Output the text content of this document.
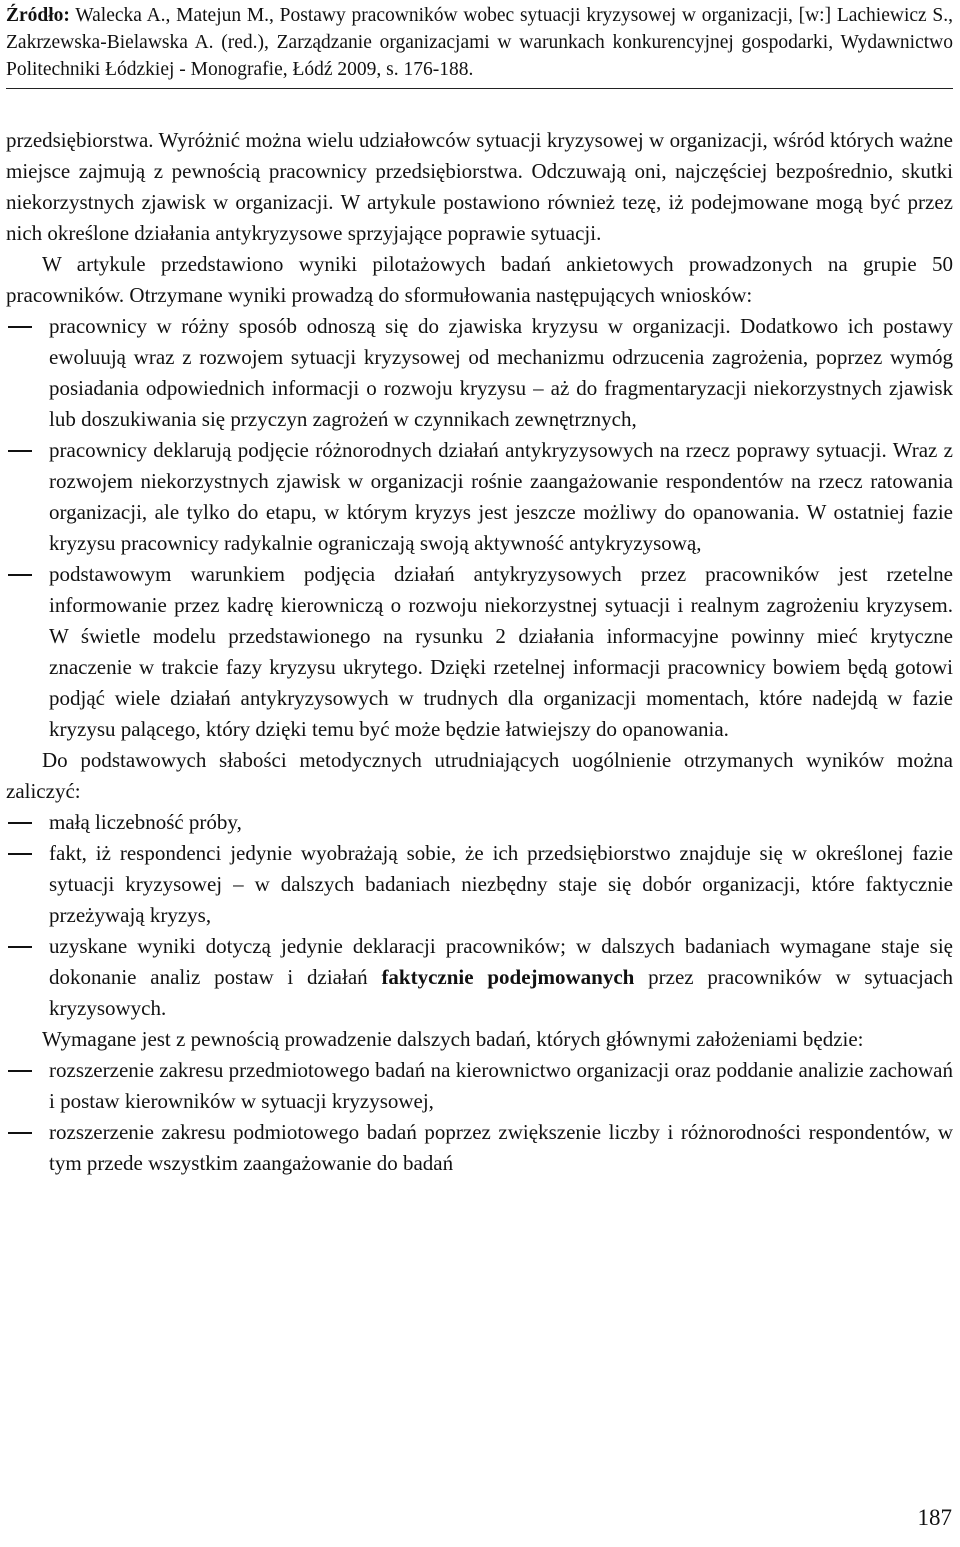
Źródło: Walecka A., Matejun M., Postawy pracowników wobec sytuacji kryzysowej w organizacji, [w:] Lachiewicz S., Zakrzewska-Bielawska A. (red.), Zarządzanie organizacjami w warunkach konkurencyjnej gospodarki, Wydawnictwo Politechniki Łódzkiej - Monografie, Łódź 2009, s. 176-188.

przedsiębiorstwa. Wyróżnić można wielu udziałowców sytuacji kryzysowej w organizacji, wśród których ważne miejsce zajmują z pewnością pracownicy przedsiębiorstwa. Odczuwają oni, najczęściej bezpośrednio, skutki niekorzystnych zjawisk w organizacji. W artykule postawiono również tezę, iż podejmowane mogą być przez nich określone działania antykryzysowe sprzyjające poprawie sytuacji.

W artykule przedstawiono wyniki pilotażowych badań ankietowych prowadzonych na grupie 50 pracowników. Otrzymane wyniki prowadzą do sformułowania następujących wniosków:

pracownicy w różny sposób odnoszą się do zjawiska kryzysu w organizacji. Dodatkowo ich postawy ewoluują wraz z rozwojem sytuacji kryzysowej od mechanizmu odrzucenia zagrożenia, poprzez wymóg posiadania odpowiednich informacji o rozwoju kryzysu – aż do fragmentaryzacji niekorzystnych zjawisk lub doszukiwania się przyczyn zagrożeń w czynnikach zewnętrznych,
pracownicy deklarują podjęcie różnorodnych działań antykryzysowych na rzecz poprawy sytuacji. Wraz z rozwojem niekorzystnych zjawisk w organizacji rośnie zaangażowanie respondentów na rzecz ratowania organizacji, ale tylko do etapu, w którym kryzys jest jeszcze możliwy do opanowania. W ostatniej fazie kryzysu pracownicy radykalnie ograniczają swoją aktywność antykryzysową,
podstawowym warunkiem podjęcia działań antykryzysowych przez pracowników jest rzetelne informowanie przez kadrę kierowniczą o rozwoju niekorzystnej sytuacji i realnym zagrożeniu kryzysem. W świetle modelu przedstawionego na rysunku 2 działania informacyjne powinny mieć krytyczne znaczenie w trakcie fazy kryzysu ukrytego. Dzięki rzetelnej informacji pracownicy bowiem będą gotowi podjąć wiele działań antykryzysowych w trudnych dla organizacji momentach, które nadejdą w fazie kryzysu palącego, który dzięki temu być może będzie łatwiejszy do opanowania.

Do podstawowych słabości metodycznych utrudniających uogólnienie otrzymanych wyników można zaliczyć:

małą liczebność próby,
fakt, iż respondenci jedynie wyobrażają sobie, że ich przedsiębiorstwo znajduje się w określonej fazie sytuacji kryzysowej – w dalszych badaniach niezbędny staje się dobór organizacji, które faktycznie przeżywają kryzys,
uzyskane wyniki dotyczą jedynie deklaracji pracowników; w dalszych badaniach wymagane staje się dokonanie analiz postaw i działań faktycznie podejmowanych przez pracowników w sytuacjach kryzysowych.

Wymagane jest z pewnością prowadzenie dalszych badań, których głównymi założeniami będzie:

rozszerzenie zakresu przedmiotowego badań na kierownictwo organizacji oraz poddanie analizie zachowań i postaw kierowników w sytuacji kryzysowej,
rozszerzenie zakresu podmiotowego badań poprzez zwiększenie liczby i różnorodności respondentów, w tym przede wszystkim zaangażowanie do badań
187
